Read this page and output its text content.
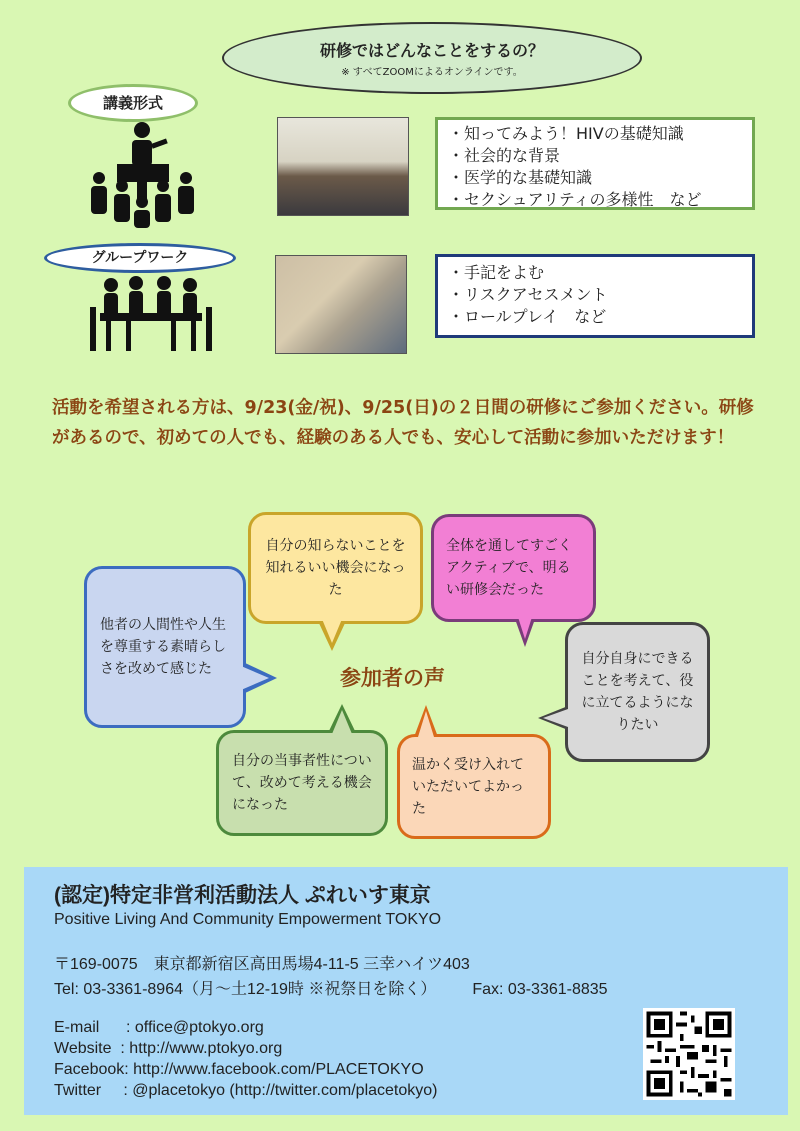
研修ではどんなことをするの？
※ すべてZOOMによるオンラインです。
講義形式
・知ってみよう！HIVの基礎知識
・社会的な背景
・医学的な基礎知識
・セクシュアリティの多様性　など
グループワーク
・手記をよむ
・リスクアセスメント
・ロールプレイ　など
活動を希望される方は、9/23(金/祝)、9/25(日)の２日間の研修にご参加ください。研修があるので、初めての人でも、経験のある人でも、安心して活動に参加いただけます！
参加者の声
他者の人間性や人生を尊重する素晴らしさを改めて感じた
自分の知らないことを知れるいい機会になった
全体を通してすごくアクティブで、明るい研修会だった
自分自身にできることを考えて、役に立てるようになりたい
自分の当事者性について、改めて考える機会になった
温かく受け入れていただいてよかった
(認定)特定非営利活動法人 ぷれいす東京
Positive Living And Community Empowerment TOKYO
〒169-0075　東京都新宿区高田馬場4-11-5 三幸ハイツ403
Tel: 03-3361-8964（月〜土12-19時 ※祝祭日を除く） Fax: 03-3361-8835
E-mail      : office@ptokyo.org
Website  : http://www.ptokyo.org
Facebook: http://www.facebook.com/PLACETOKYO
Twitter     : @placetokyo (http://twitter.com/placetokyo)
